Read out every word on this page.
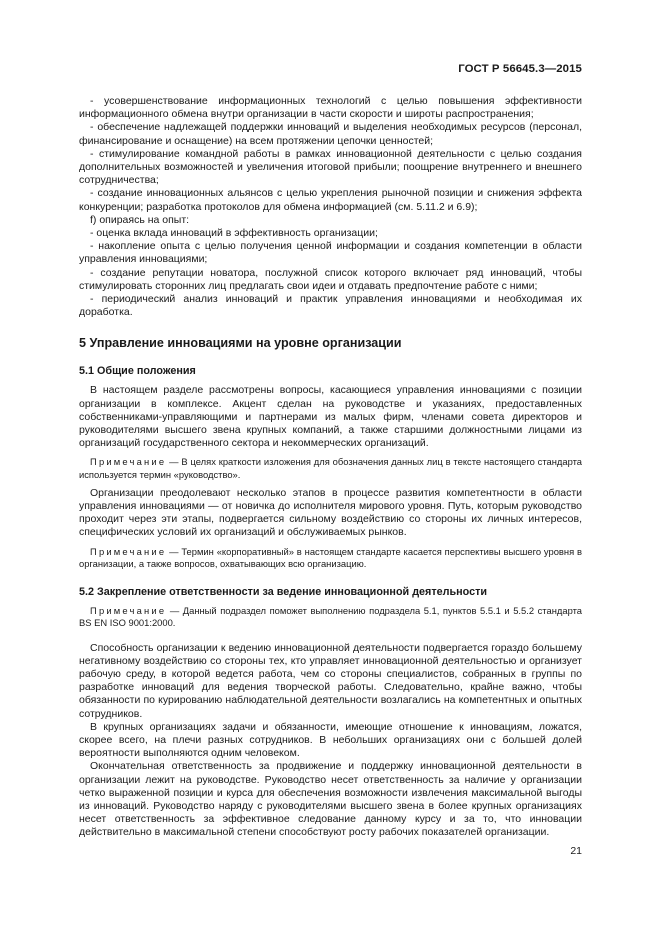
ГОСТ Р 56645.3—2015

- усовершенствование информационных технологий с целью повышения эффективности информационного обмена внутри организации в части скорости и широты распространения;

- обеспечение надлежащей поддержки инноваций и выделения необходимых ресурсов (персонал, финансирование и оснащение) на всем протяжении цепочки ценностей;

- стимулирование командной работы в рамках инновационной деятельности с целью создания дополнительных возможностей и увеличения итоговой прибыли; поощрение внутреннего и внешнего сотрудничества;

- создание инновационных альянсов с целью укрепления рыночной позиции и снижения эффекта конкуренции; разработка протоколов для обмена информацией (см. 5.11.2 и 6.9);

f) опираясь на опыт:

- оценка вклада инноваций в эффективность организации;

- накопление опыта с целью получения ценной информации и создания компетенции в области управления инновациями;

- создание репутации новатора, послужной список которого включает ряд инноваций, чтобы стимулировать сторонних лиц предлагать свои идеи и отдавать предпочтение работе с ними;

- периодический анализ инноваций и практик управления инновациями и необходимая их доработка.

5 Управление инновациями на уровне организации
5.1 Общие положения

В настоящем разделе рассмотрены вопросы, касающиеся управления инновациями с позиции организации в комплексе. Акцент сделан на руководстве и указаниях, предоставленных собственниками-управляющими и партнерами из малых фирм, членами совета директоров и руководителями высшего звена крупных компаний, а также старшими должностными лицами из организаций государственного сектора и некоммерческих организаций.

Примечание — В целях краткости изложения для обозначения данных лиц в тексте настоящего стандарта используется термин «руководство».

Организации преодолевают несколько этапов в процессе развития компетентности в области управления инновациями — от новичка до исполнителя мирового уровня. Путь, которым руководство проходит через эти этапы, подвергается сильному воздействию со стороны их личных интересов, специфических условий их организаций и обслуживаемых рынков.

Примечание — Термин «корпоративный» в настоящем стандарте касается перспективы высшего уровня в организации, а также вопросов, охватывающих всю организацию.

5.2 Закрепление ответственности за ведение инновационной деятельности

Примечание — Данный подраздел поможет выполнению подраздела 5.1, пунктов 5.5.1 и 5.5.2 стандарта BS EN ISO 9001:2000.

Способность организации к ведению инновационной деятельности подвергается гораздо большему негативному воздействию со стороны тех, кто управляет инновационной деятельностью и организует рабочую среду, в которой ведется работа, чем со стороны специалистов, собранных в группы по разработке инноваций для ведения творческой работы. Следовательно, крайне важно, чтобы обязанности по курированию наблюдательной деятельности возлагались на компетентных и опытных сотрудников.

В крупных организациях задачи и обязанности, имеющие отношение к инновациям, ложатся, скорее всего, на плечи разных сотрудников. В небольших организациях они с большей долей вероятности выполняются одним человеком.

Окончательная ответственность за продвижение и поддержку инновационной деятельности в организации лежит на руководстве. Руководство несет ответственность за наличие у организации четко выраженной позиции и курса для обеспечения возможности извлечения максимальной выгоды из инноваций. Руководство наряду с руководителями высшего звена в более крупных организациях несет ответственность за эффективное следование данному курсу и за то, что инновации действительно в максимальной степени способствуют росту рабочих показателей организации.

21
